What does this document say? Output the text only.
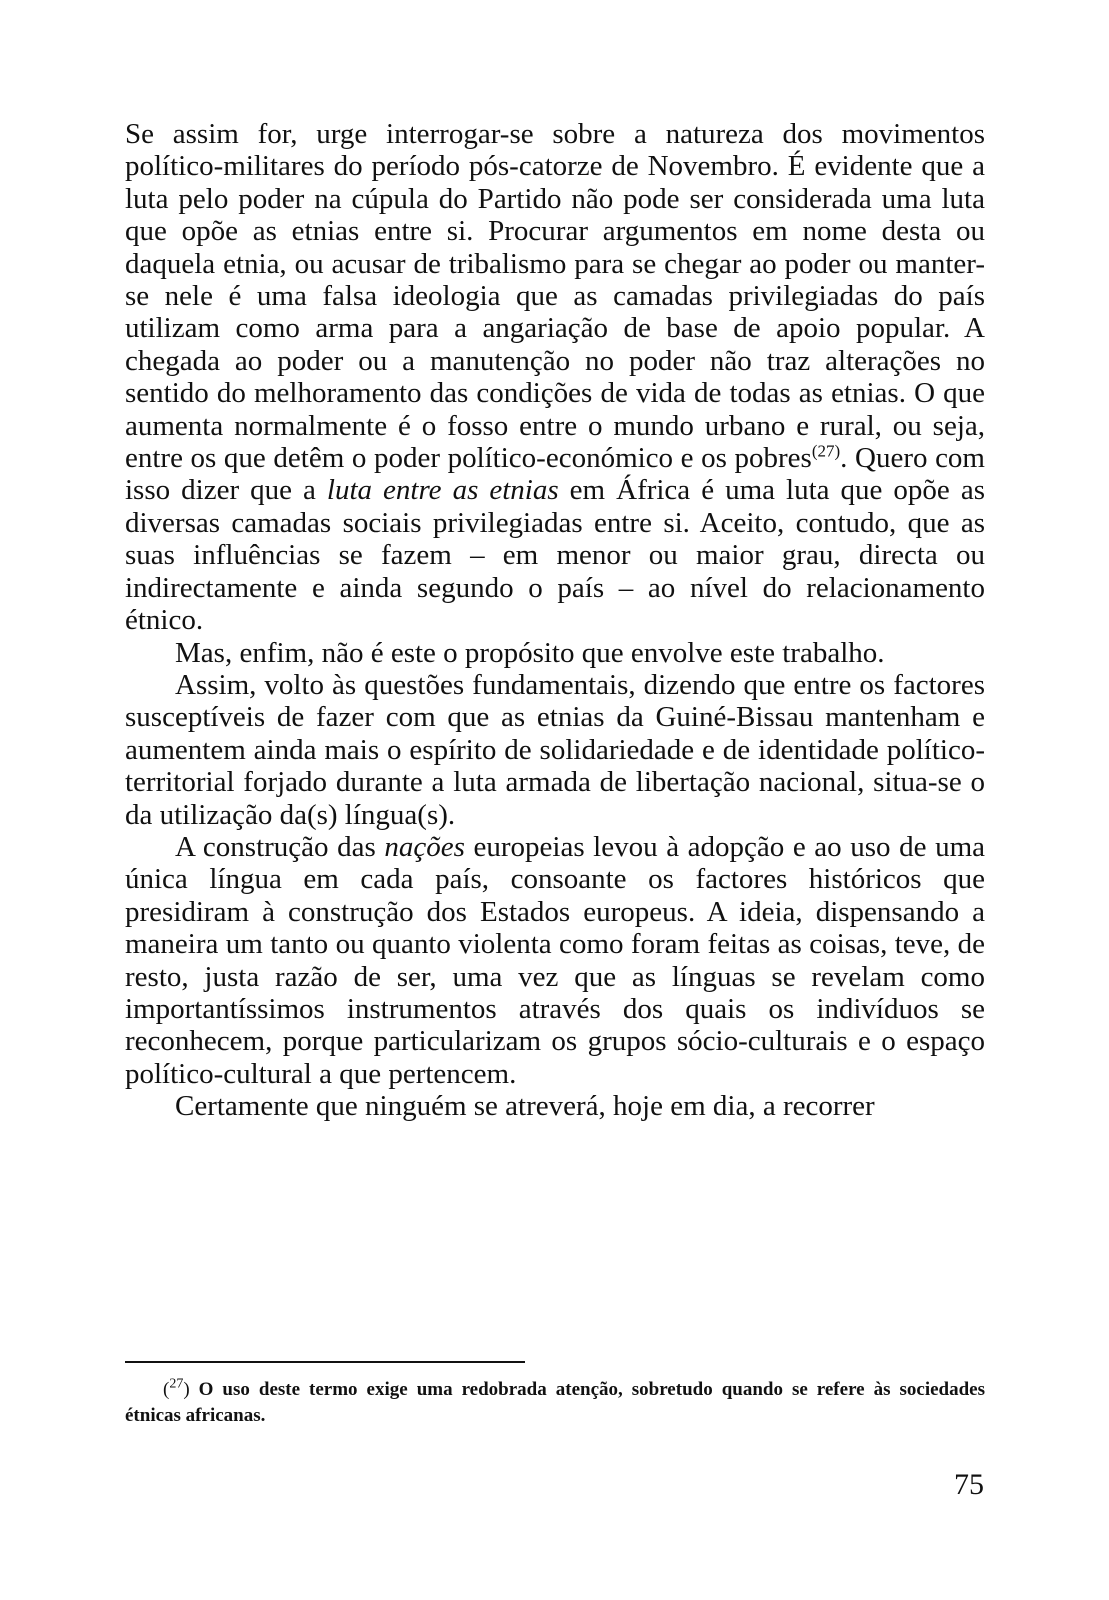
Se assim for, urge interrogar-se sobre a natureza dos movimentos político-militares do período pós-catorze de Novembro. É evidente que a luta pelo poder na cúpula do Partido não pode ser considerada uma luta que opõe as etnias entre si. Procurar argumentos em nome desta ou daquela etnia, ou acusar de tribalismo para se chegar ao poder ou manter-se nele é uma falsa ideologia que as camadas privilegiadas do país utilizam como arma para a angariação de base de apoio popular. A chegada ao poder ou a manutenção no poder não traz alterações no sentido do melhoramento das condições de vida de todas as etnias. O que aumenta normalmente é o fosso entre o mundo urbano e rural, ou seja, entre os que detêm o poder político-económico e os pobres$^{(27)}$. Quero com isso dizer que a luta entre as etnias em África é uma luta que opõe as diversas camadas sociais privilegiadas entre si. Aceito, contudo, que as suas influências se fazem – em menor ou maior grau, directa ou indirectamente e ainda segundo o país – ao nível do relacionamento étnico.

Mas, enfim, não é este o propósito que envolve este trabalho.

Assim, volto às questões fundamentais, dizendo que entre os factores susceptíveis de fazer com que as etnias da Guiné-Bissau mantenham e aumentem ainda mais o espírito de solidariedade e de identidade político-territorial forjado durante a luta armada de libertação nacional, situa-se o da utilização da(s) língua(s).

A construção das nações europeias levou à adopção e ao uso de uma única língua em cada país, consoante os factores históricos que presidiram à construção dos Estados europeus. A ideia, dispensando a maneira um tanto ou quanto violenta como foram feitas as coisas, teve, de resto, justa razão de ser, uma vez que as línguas se revelam como importantíssimos instrumentos através dos quais os indivíduos se reconhecem, porque particularizam os grupos sócio-culturais e o espaço político-cultural a que pertencem.

Certamente que ninguém se atreverá, hoje em dia, a recorrer

($^{27}$) O uso deste termo exige uma redobrada atenção, sobretudo quando se refere às sociedades étnicas africanas.
75
